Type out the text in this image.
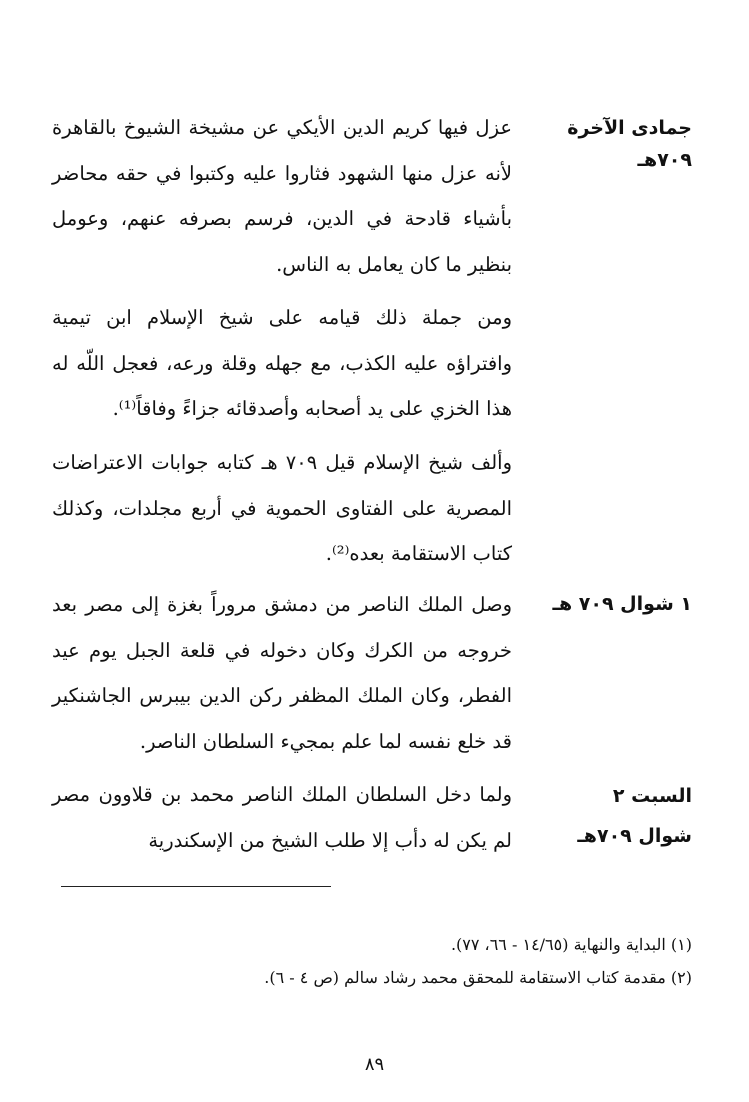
جمادى الآخرة ٧٠٩هـ

عزل فيها كريم الدين الأيكي عن مشيخة الشيوخ بالقاهرة لأنه عزل منها الشهود فثاروا عليه وكتبوا في حقه محاضر بأشياء قادحة في الدين، فرسم بصرفه عنهم، وعومل بنظير ما كان يعامل به الناس.

ومن جملة ذلك قيامه على شيخ الإسلام ابن تيمية وافتراؤه عليه الكذب، مع جهله وقلة ورعه، فعجل اللّه له هذا الخزي على يد أصحابه وأصدقائه جزاءً وفاقاً⁽¹⁾.

وألف شيخ الإسلام قيل ٧٠٩ هـ كتابه جوابات الاعتراضات المصرية على الفتاوى الحموية في أربع مجلدات، وكذلك كتاب الاستقامة بعده⁽²⁾.

١ شوال ٧٠٩ هـ

وصل الملك الناصر من دمشق مروراً بغزة إلى مصر بعد خروجه من الكرك وكان دخوله في قلعة الجبل يوم عيد الفطر، وكان الملك المظفر ركن الدين بيبرس الجاشنكير قد خلع نفسه لما علم بمجيء السلطان الناصر.

السبت ٢ شوال ٧٠٩هـ

ولما دخل السلطان الملك الناصر محمد بن قلاوون مصر لم يكن له دأب إلا طلب الشيخ من الإسكندرية

(١) البداية والنهاية (١٤/٦٥ - ٦٦، ٧٧).
(٢) مقدمة كتاب الاستقامة للمحقق محمد رشاد سالم (ص ٤ - ٦).
٨٩
